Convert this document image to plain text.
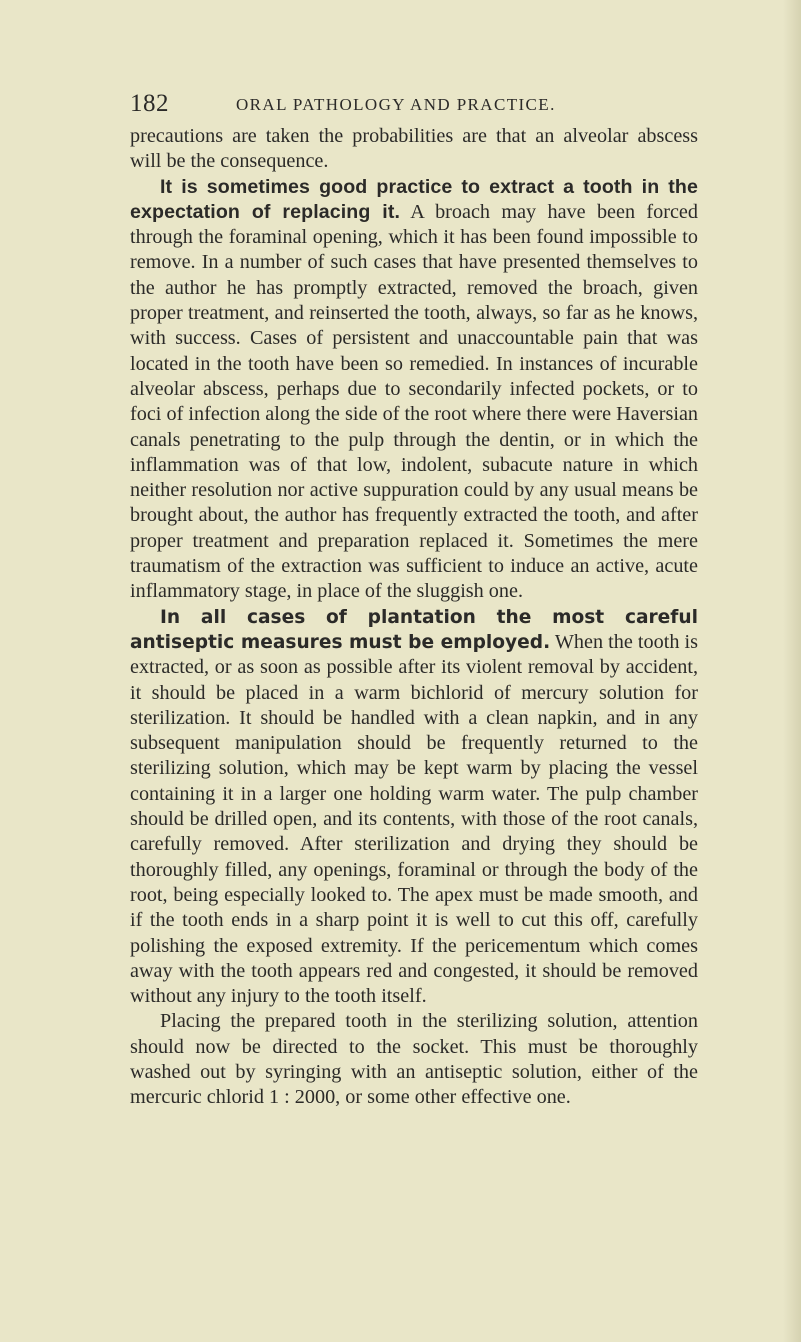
182	ORAL PATHOLOGY AND PRACTICE.

precautions are taken the probabilities are that an alveolar abscess will be the consequence.

It is sometimes good practice to extract a tooth in the expectation of replacing it. A broach may have been forced through the foraminal opening, which it has been found impossible to remove. In a number of such cases that have presented themselves to the author he has promptly extracted, removed the broach, given proper treatment, and reinserted the tooth, always, so far as he knows, with success. Cases of persistent and unaccountable pain that was located in the tooth have been so remedied. In instances of incurable alveolar abscess, perhaps due to secondarily infected pockets, or to foci of infection along the side of the root where there were Haversian canals penetrating to the pulp through the dentin, or in which the inflammation was of that low, indolent, subacute nature in which neither resolution nor active suppuration could by any usual means be brought about, the author has frequently extracted the tooth, and after proper treatment and preparation replaced it. Sometimes the mere traumatism of the extraction was sufficient to induce an active, acute inflammatory stage, in place of the sluggish one.

In all cases of plantation the most careful antiseptic measures must be employed. When the tooth is extracted, or as soon as possible after its violent removal by accident, it should be placed in a warm bichlorid of mercury solution for sterilization. It should be handled with a clean napkin, and in any subsequent manipulation should be frequently returned to the sterilizing solution, which may be kept warm by placing the vessel containing it in a larger one holding warm water. The pulp chamber should be drilled open, and its contents, with those of the root canals, carefully removed. After sterilization and drying they should be thoroughly filled, any openings, foraminal or through the body of the root, being especially looked to. The apex must be made smooth, and if the tooth ends in a sharp point it is well to cut this off, carefully polishing the exposed extremity. If the pericementum which comes away with the tooth appears red and congested, it should be removed without any injury to the tooth itself.

Placing the prepared tooth in the sterilizing solution, attention should now be directed to the socket. This must be thoroughly washed out by syringing with an antiseptic solution, either of the mercuric chlorid 1 : 2000, or some other effective one.
